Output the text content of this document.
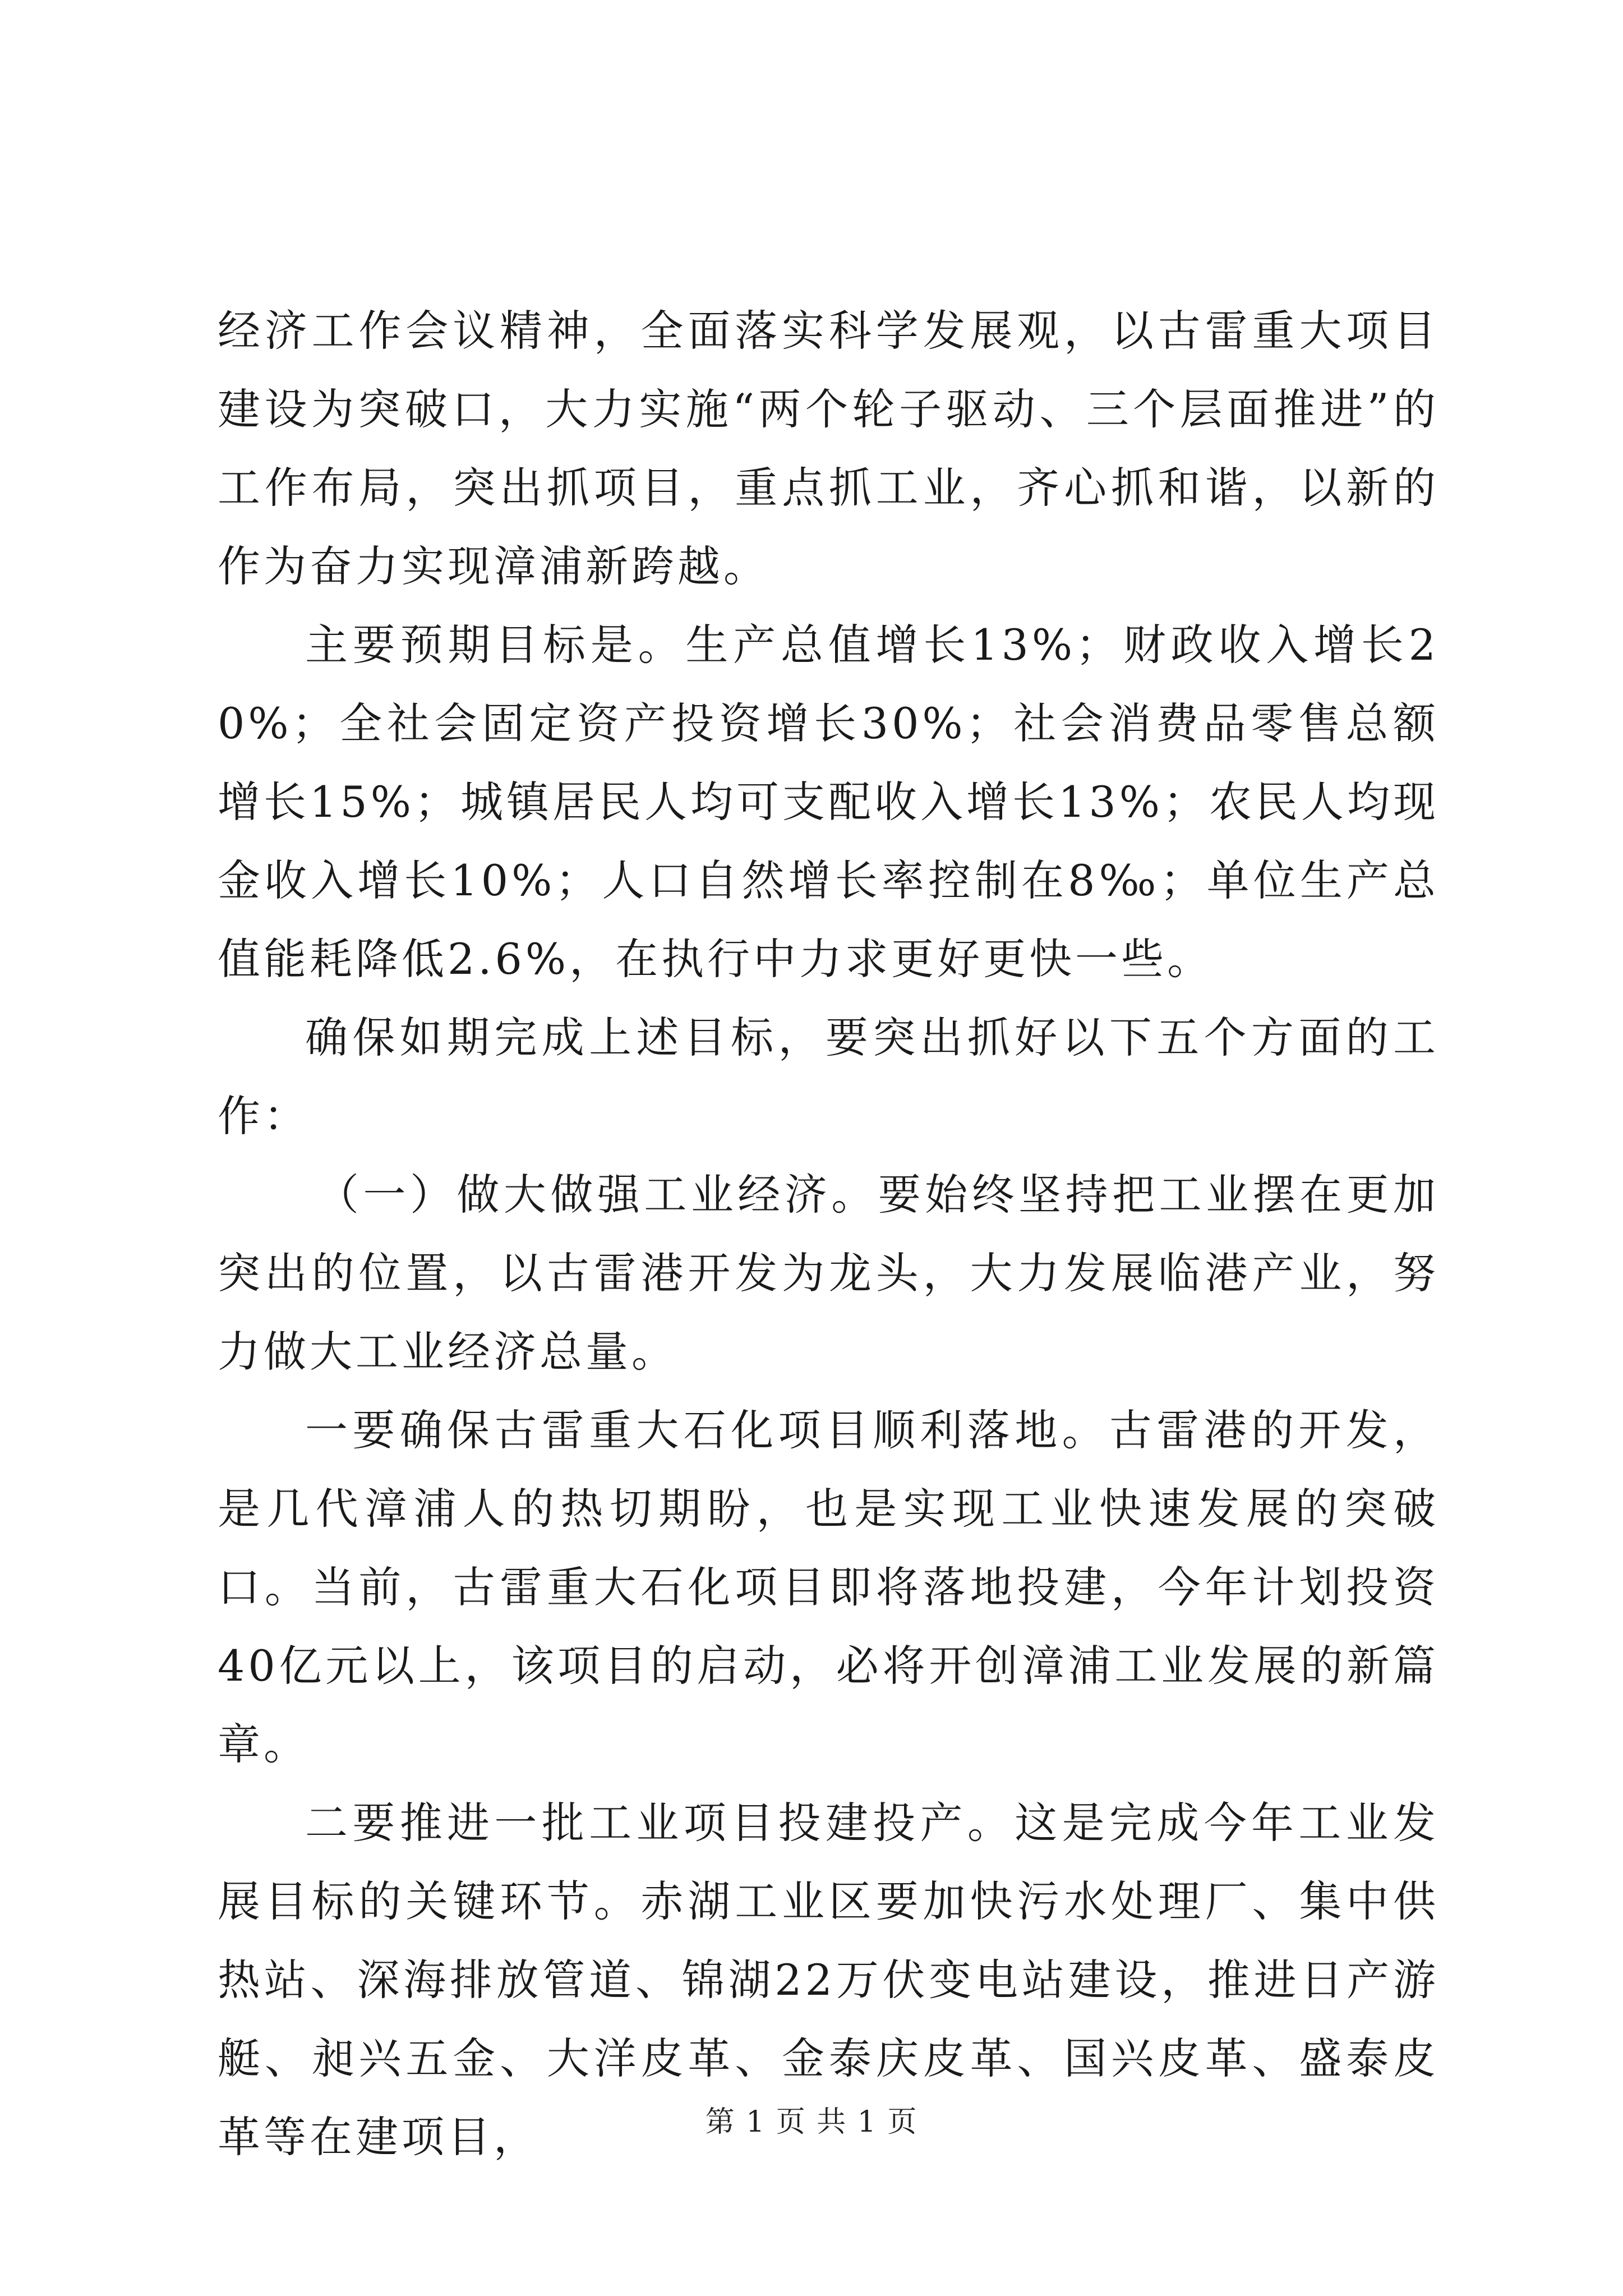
经济工作会议精神，全面落实科学发展观，以古雷重大项目建设为突破口，大力实施“两个轮子驱动、三个层面推进”的工作布局，突出抓项目，重点抓工业，齐心抓和谐，以新的作为奋力实现漳浦新跨越。

主要预期目标是。生产总值增长13%；财政收入增长20%；全社会固定资产投资增长30%；社会消费品零售总额增长15%；城镇居民人均可支配收入增长13%；农民人均现金收入增长10%；人口自然增长率控制在8‰；单位生产总值能耗降低2.6%，在执行中力求更好更快一些。

确保如期完成上述目标，要突出抓好以下五个方面的工作：

（一）做大做强工业经济。要始终坚持把工业摆在更加突出的位置，以古雷港开发为龙头，大力发展临港产业，努力做大工业经济总量。

一要确保古雷重大石化项目顺利落地。古雷港的开发，是几代漳浦人的热切期盼，也是实现工业快速发展的突破口。当前，古雷重大石化项目即将落地投建，今年计划投资40亿元以上，该项目的启动，必将开创漳浦工业发展的新篇章。

二要推进一批工业项目投建投产。这是完成今年工业发展目标的关键环节。赤湖工业区要加快污水处理厂、集中供热站、深海排放管道、锦湖22万伏变电站建设，推进日产游艇、昶兴五金、大洋皮革、金泰庆皮革、国兴皮革、盛泰皮革等在建项目，	第 1 页 共 1 页
